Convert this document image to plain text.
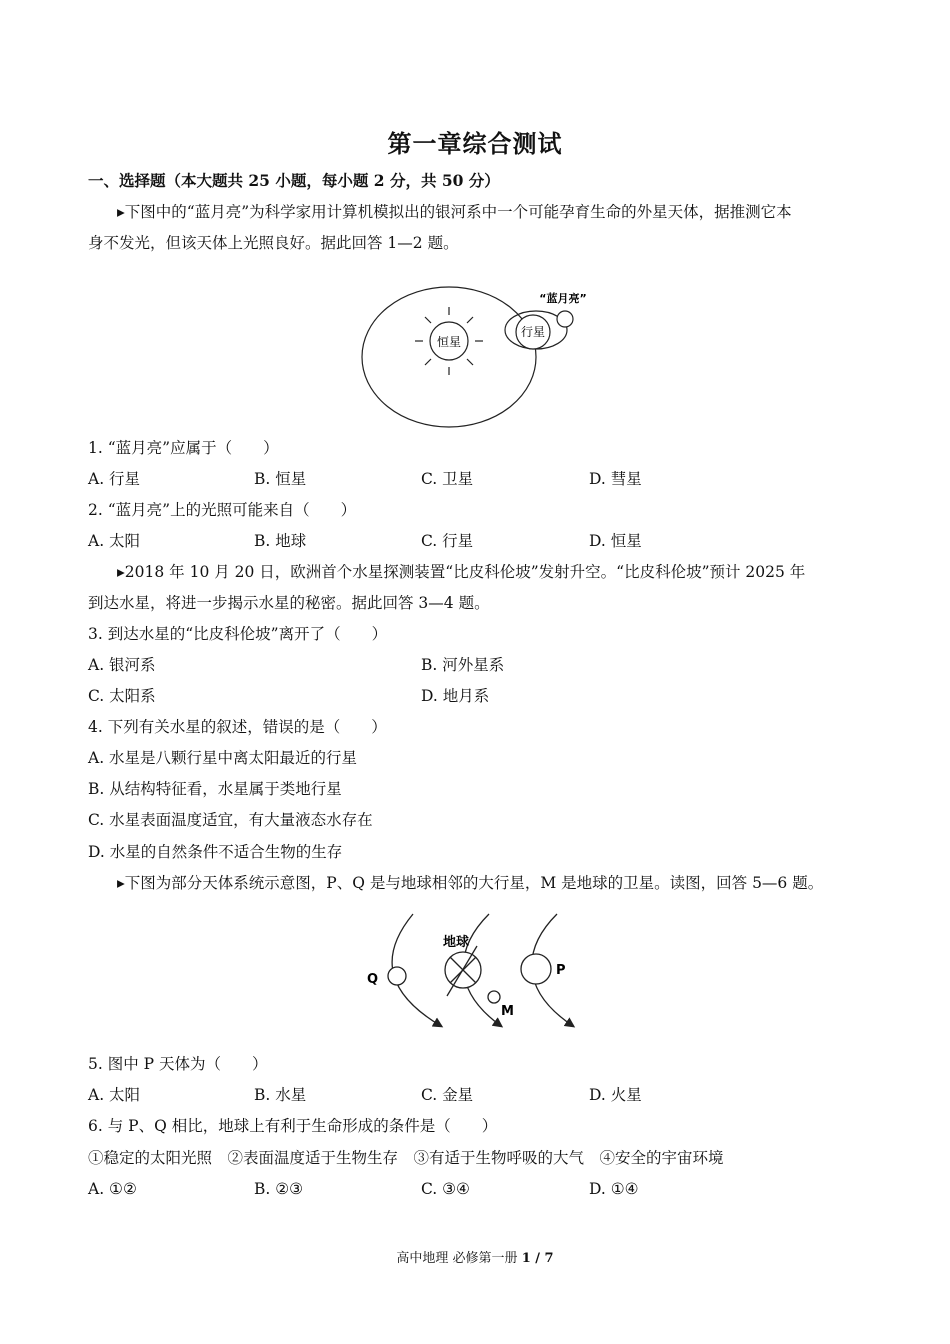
第一章综合测试
一、选择题（本大题共 25 小题，每小题 2 分，共 50 分）
▸下图中的“蓝月亮”为科学家用计算机模拟出的银河系中一个可能孕育生命的外星天体，据推测它本
身不发光，但该天体上光照良好。据此回答 1—2 题。
恒星
行星
“蓝月亮”
1. “蓝月亮”应属于（　　）
A. 行星	B. 恒星	C. 卫星	D. 彗星
2. “蓝月亮”上的光照可能来自（　　）
A. 太阳	B. 地球	C. 行星	D. 恒星
▸2018 年 10 月 20 日，欧洲首个水星探测装置“比皮科伦坡”发射升空。“比皮科伦坡”预计 2025 年
到达水星，将进一步揭示水星的秘密。据此回答 3—4 题。
3. 到达水星的“比皮科伦坡”离开了（　　）
A. 银河系	B. 河外星系
C. 太阳系	D. 地月系
4. 下列有关水星的叙述，错误的是（　　）
A. 水星是八颗行星中离太阳最近的行星
B. 从结构特征看，水星属于类地行星
C. 水星表面温度适宜，有大量液态水存在
D. 水星的自然条件不适合生物的生存
▸下图为部分天体系统示意图，P、Q 是与地球相邻的大行星，M 是地球的卫星。读图，回答 5—6 题。
Q
地球
M
P
5. 图中 P 天体为（　　）
A. 太阳	B. 水星	C. 金星	D. 火星
6. 与 P、Q 相比，地球上有利于生命形成的条件是（　　）
①稳定的太阳光照　②表面温度适于生物生存　③有适于生物呼吸的大气　④安全的宇宙环境
A. ①②	B. ②③	C. ③④	D. ①④
高中地理 必修第一册 1 / 7
